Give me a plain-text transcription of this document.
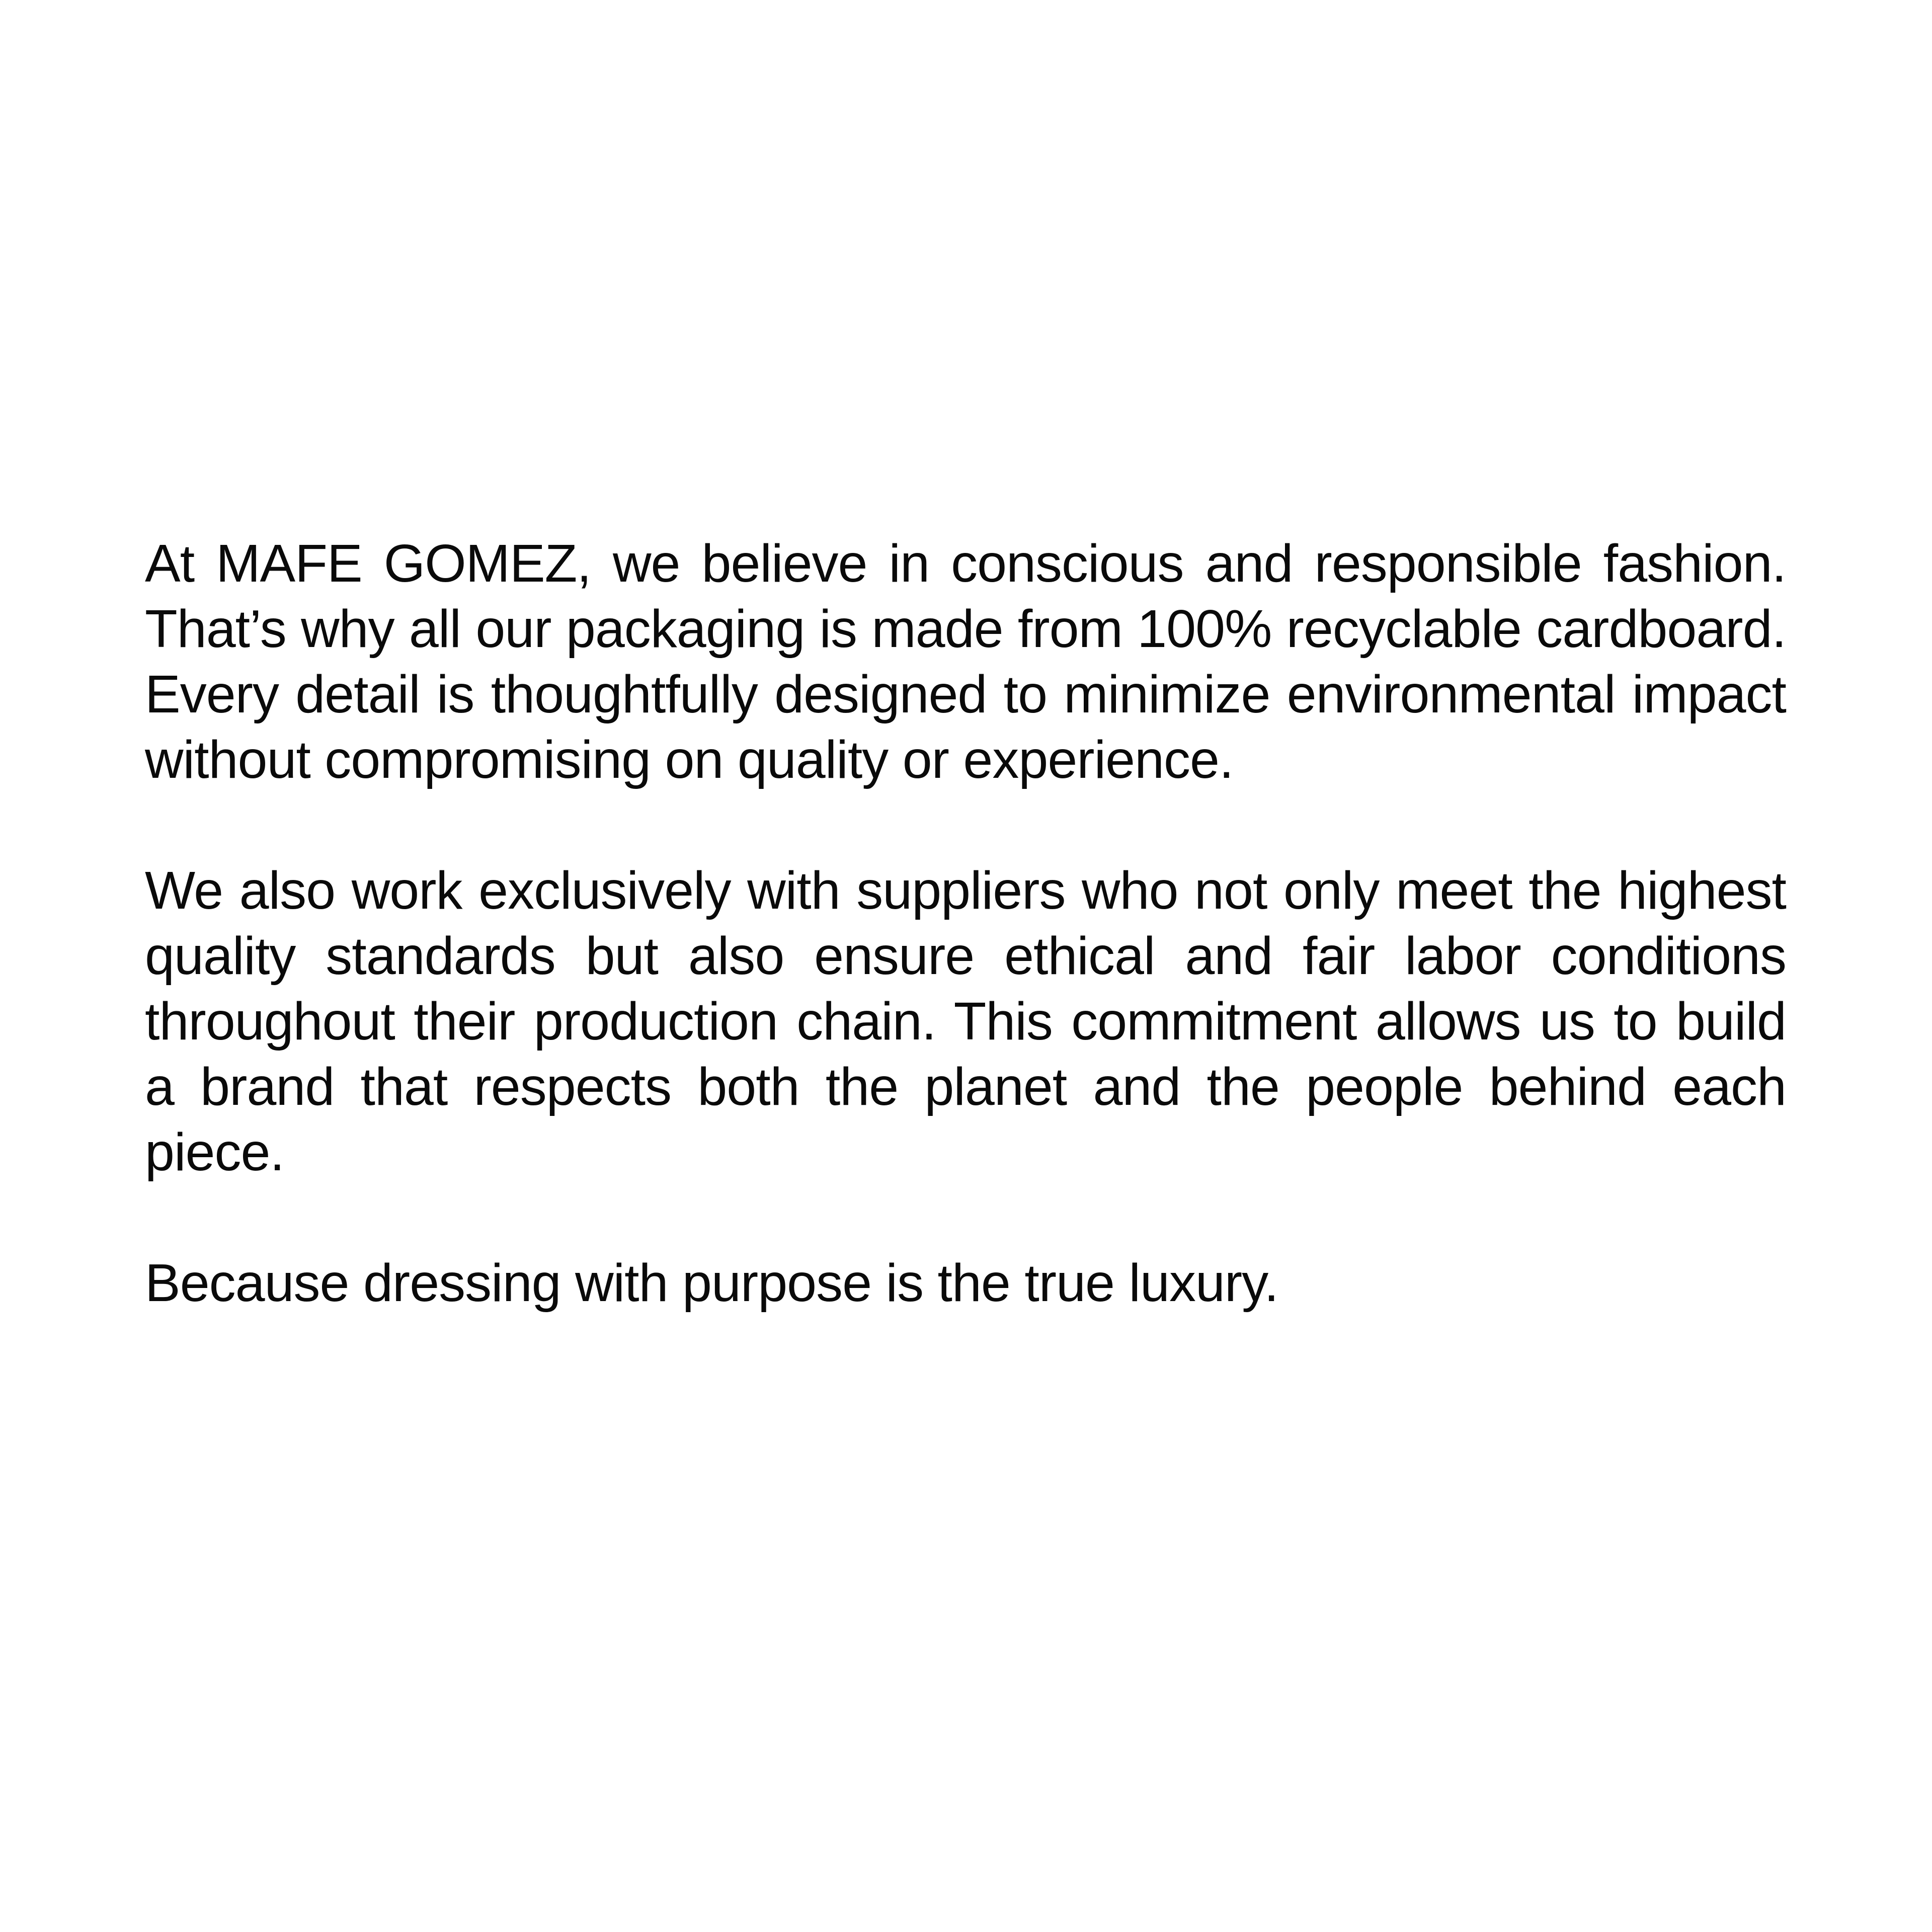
At MAFE GOMEZ, we believe in conscious and responsible fashion. That’s why all our packaging is made from 100% recyclable cardboard. Every detail is thoughtfully designed to minimize environmental impact without compromising on quality or experience.

We also work exclusively with suppliers who not only meet the highest quality standards but also ensure ethical and fair labor conditions throughout their production chain. This commitment allows us to build a brand that respects both the planet and the people behind each piece.

Because dressing with purpose is the true luxury.
